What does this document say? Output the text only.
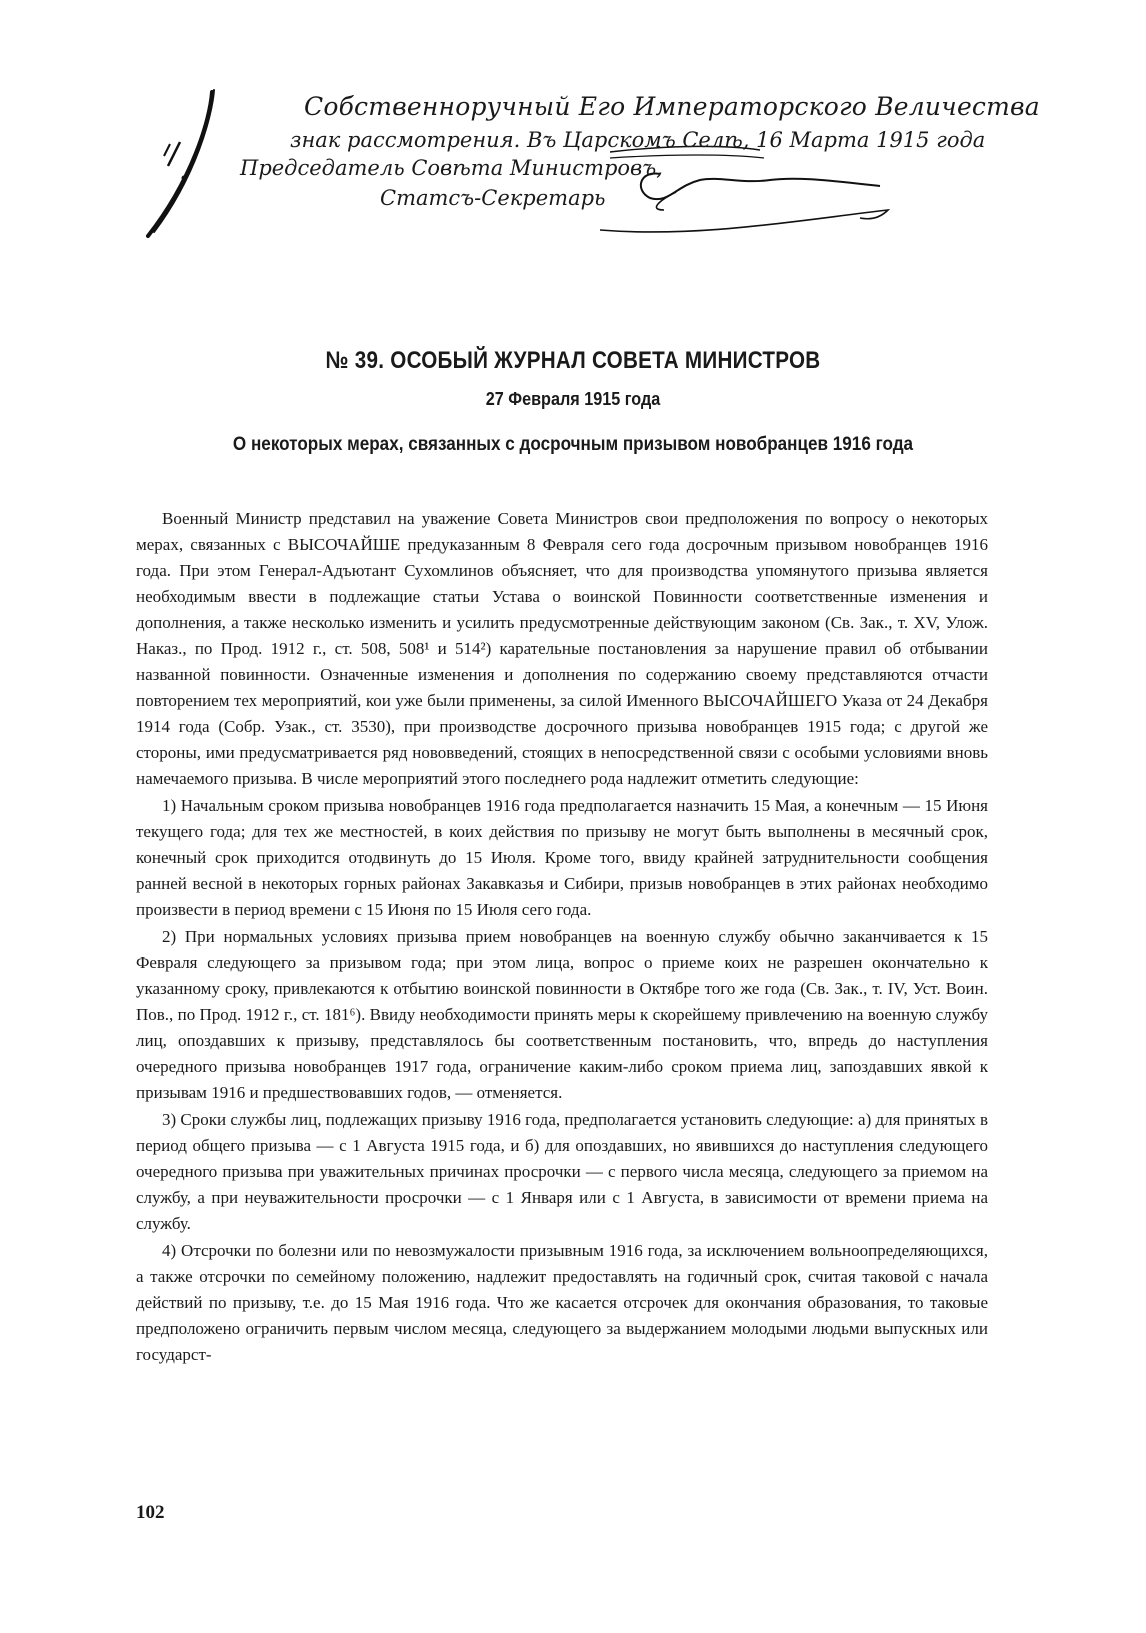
Собственноручный Его Императорского Величества
знак рассмотрения. Въ Царскомъ Селѣ, 16 Марта 1915 года
Председатель Совѣта Министровъ,
Статсъ-Секретарь
№ 39. ОСОБЫЙ ЖУРНАЛ СОВЕТА МИНИСТРОВ
27 Февраля 1915 года
О некоторых мерах, связанных с досрочным призывом новобранцев 1916 года

Военный Министр представил на уважение Совета Министров свои предположения по вопросу о некоторых мерах, связанных с ВЫСОЧАЙШЕ предуказанным 8 Февраля сего года досрочным призывом новобранцев 1916 года. При этом Генерал-Адъютант Сухомлинов объясняет, что для производства упомянутого призыва является необходимым ввести в подлежащие статьи Устава о воинской Повинности соответственные изменения и дополнения, а также несколько изменить и усилить предусмотренные действующим законом (Св. Зак., т. XV, Улож. Наказ., по Прод. 1912 г., ст. 508, 508¹ и 514²) карательные постановления за нарушение правил об отбывании названной повинности. Означенные изменения и дополнения по содержанию своему представляются отчасти повторением тех мероприятий, кои уже были применены, за силой Именного ВЫСОЧАЙШЕГО Указа от 24 Декабря 1914 года (Собр. Узак., ст. 3530), при производстве досрочного призыва новобранцев 1915 года; с другой же стороны, ими предусматривается ряд нововведений, стоящих в непосредственной связи с особыми условиями вновь намечаемого призыва. В числе мероприятий этого последнего рода надлежит отметить следующие:

1) Начальным сроком призыва новобранцев 1916 года предполагается назначить 15 Мая, а конечным — 15 Июня текущего года; для тех же местностей, в коих действия по призыву не могут быть выполнены в месячный срок, конечный срок приходится отодвинуть до 15 Июля. Кроме того, ввиду крайней затруднительности сообщения ранней весной в некоторых горных районах Закавказья и Сибири, призыв новобранцев в этих районах необходимо произвести в период времени с 15 Июня по 15 Июля сего года.

2) При нормальных условиях призыва прием новобранцев на военную службу обычно заканчивается к 15 Февраля следующего за призывом года; при этом лица, вопрос о приеме коих не разрешен окончательно к указанному сроку, привлекаются к отбытию воинской повинности в Октябре того же года (Св. Зак., т. IV, Уст. Воин. Пов., по Прод. 1912 г., ст. 181⁶). Ввиду необходимости принять меры к скорейшему привлечению на военную службу лиц, опоздавших к призыву, представлялось бы соответственным постановить, что, впредь до наступления очередного призыва новобранцев 1917 года, ограничение каким-либо сроком приема лиц, запоздавших явкой к призывам 1916 и предшествовавших годов, — отменяется.

3) Сроки службы лиц, подлежащих призыву 1916 года, предполагается установить следующие: а) для принятых в период общего призыва — с 1 Августа 1915 года, и б) для опоздавших, но явившихся до наступления следующего очередного призыва при уважительных причинах просрочки — с первого числа месяца, следующего за приемом на службу, а при неуважительности просрочки — с 1 Января или с 1 Августа, в зависимости от времени приема на службу.

4) Отсрочки по болезни или по невозмужалости призывным 1916 года, за исключением вольноопределяющихся, а также отсрочки по семейному положению, надлежит предоставлять на годичный срок, считая таковой с начала действий по призыву, т.е. до 15 Мая 1916 года. Что же касается отсрочек для окончания образования, то таковые предположено ограничить первым числом месяца, следующего за выдержанием молодыми людьми выпускных или государст-

102
